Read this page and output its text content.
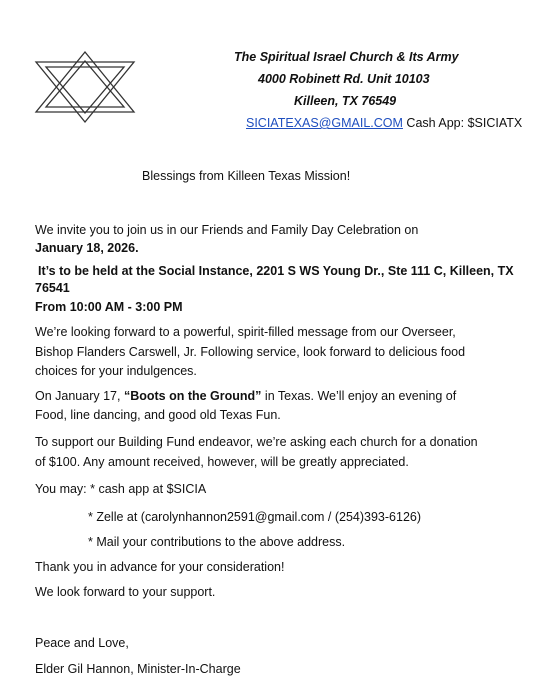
The Spiritual Israel Church & Its Army
4000 Robinett Rd. Unit 10103
Killeen, TX 76549
SICIATEXAS@GMAIL.COM Cash App: $SICIATX
Blessings from Killeen Texas Mission!
We invite you to join us in our Friends and Family Day Celebration on
January 18, 2026.
It’s to be held at the Social Instance, 2201 S WS Young Dr., Ste 111 C, Killeen, TX
76541
From 10:00 AM - 3:00 PM
We’re looking forward to a powerful, spirit-filled message from our Overseer,
Bishop Flanders Carswell, Jr. Following service, look forward to delicious food
choices for your indulgences.
On January 17, “Boots on the Ground” in Texas. We’ll enjoy an evening of
Food, line dancing, and good old Texas Fun.
To support our Building Fund endeavor, we’re asking each church for a donation
of $100. Any amount received, however, will be greatly appreciated.
You may: * cash app at $SICIA
* Zelle at (carolynhannon2591@gmail.com / (254)393-6126)
* Mail your contributions to the above address.
Thank you in advance for your consideration!
We look forward to your support.
Peace and Love,
Elder Gil Hannon, Minister-In-Charge
